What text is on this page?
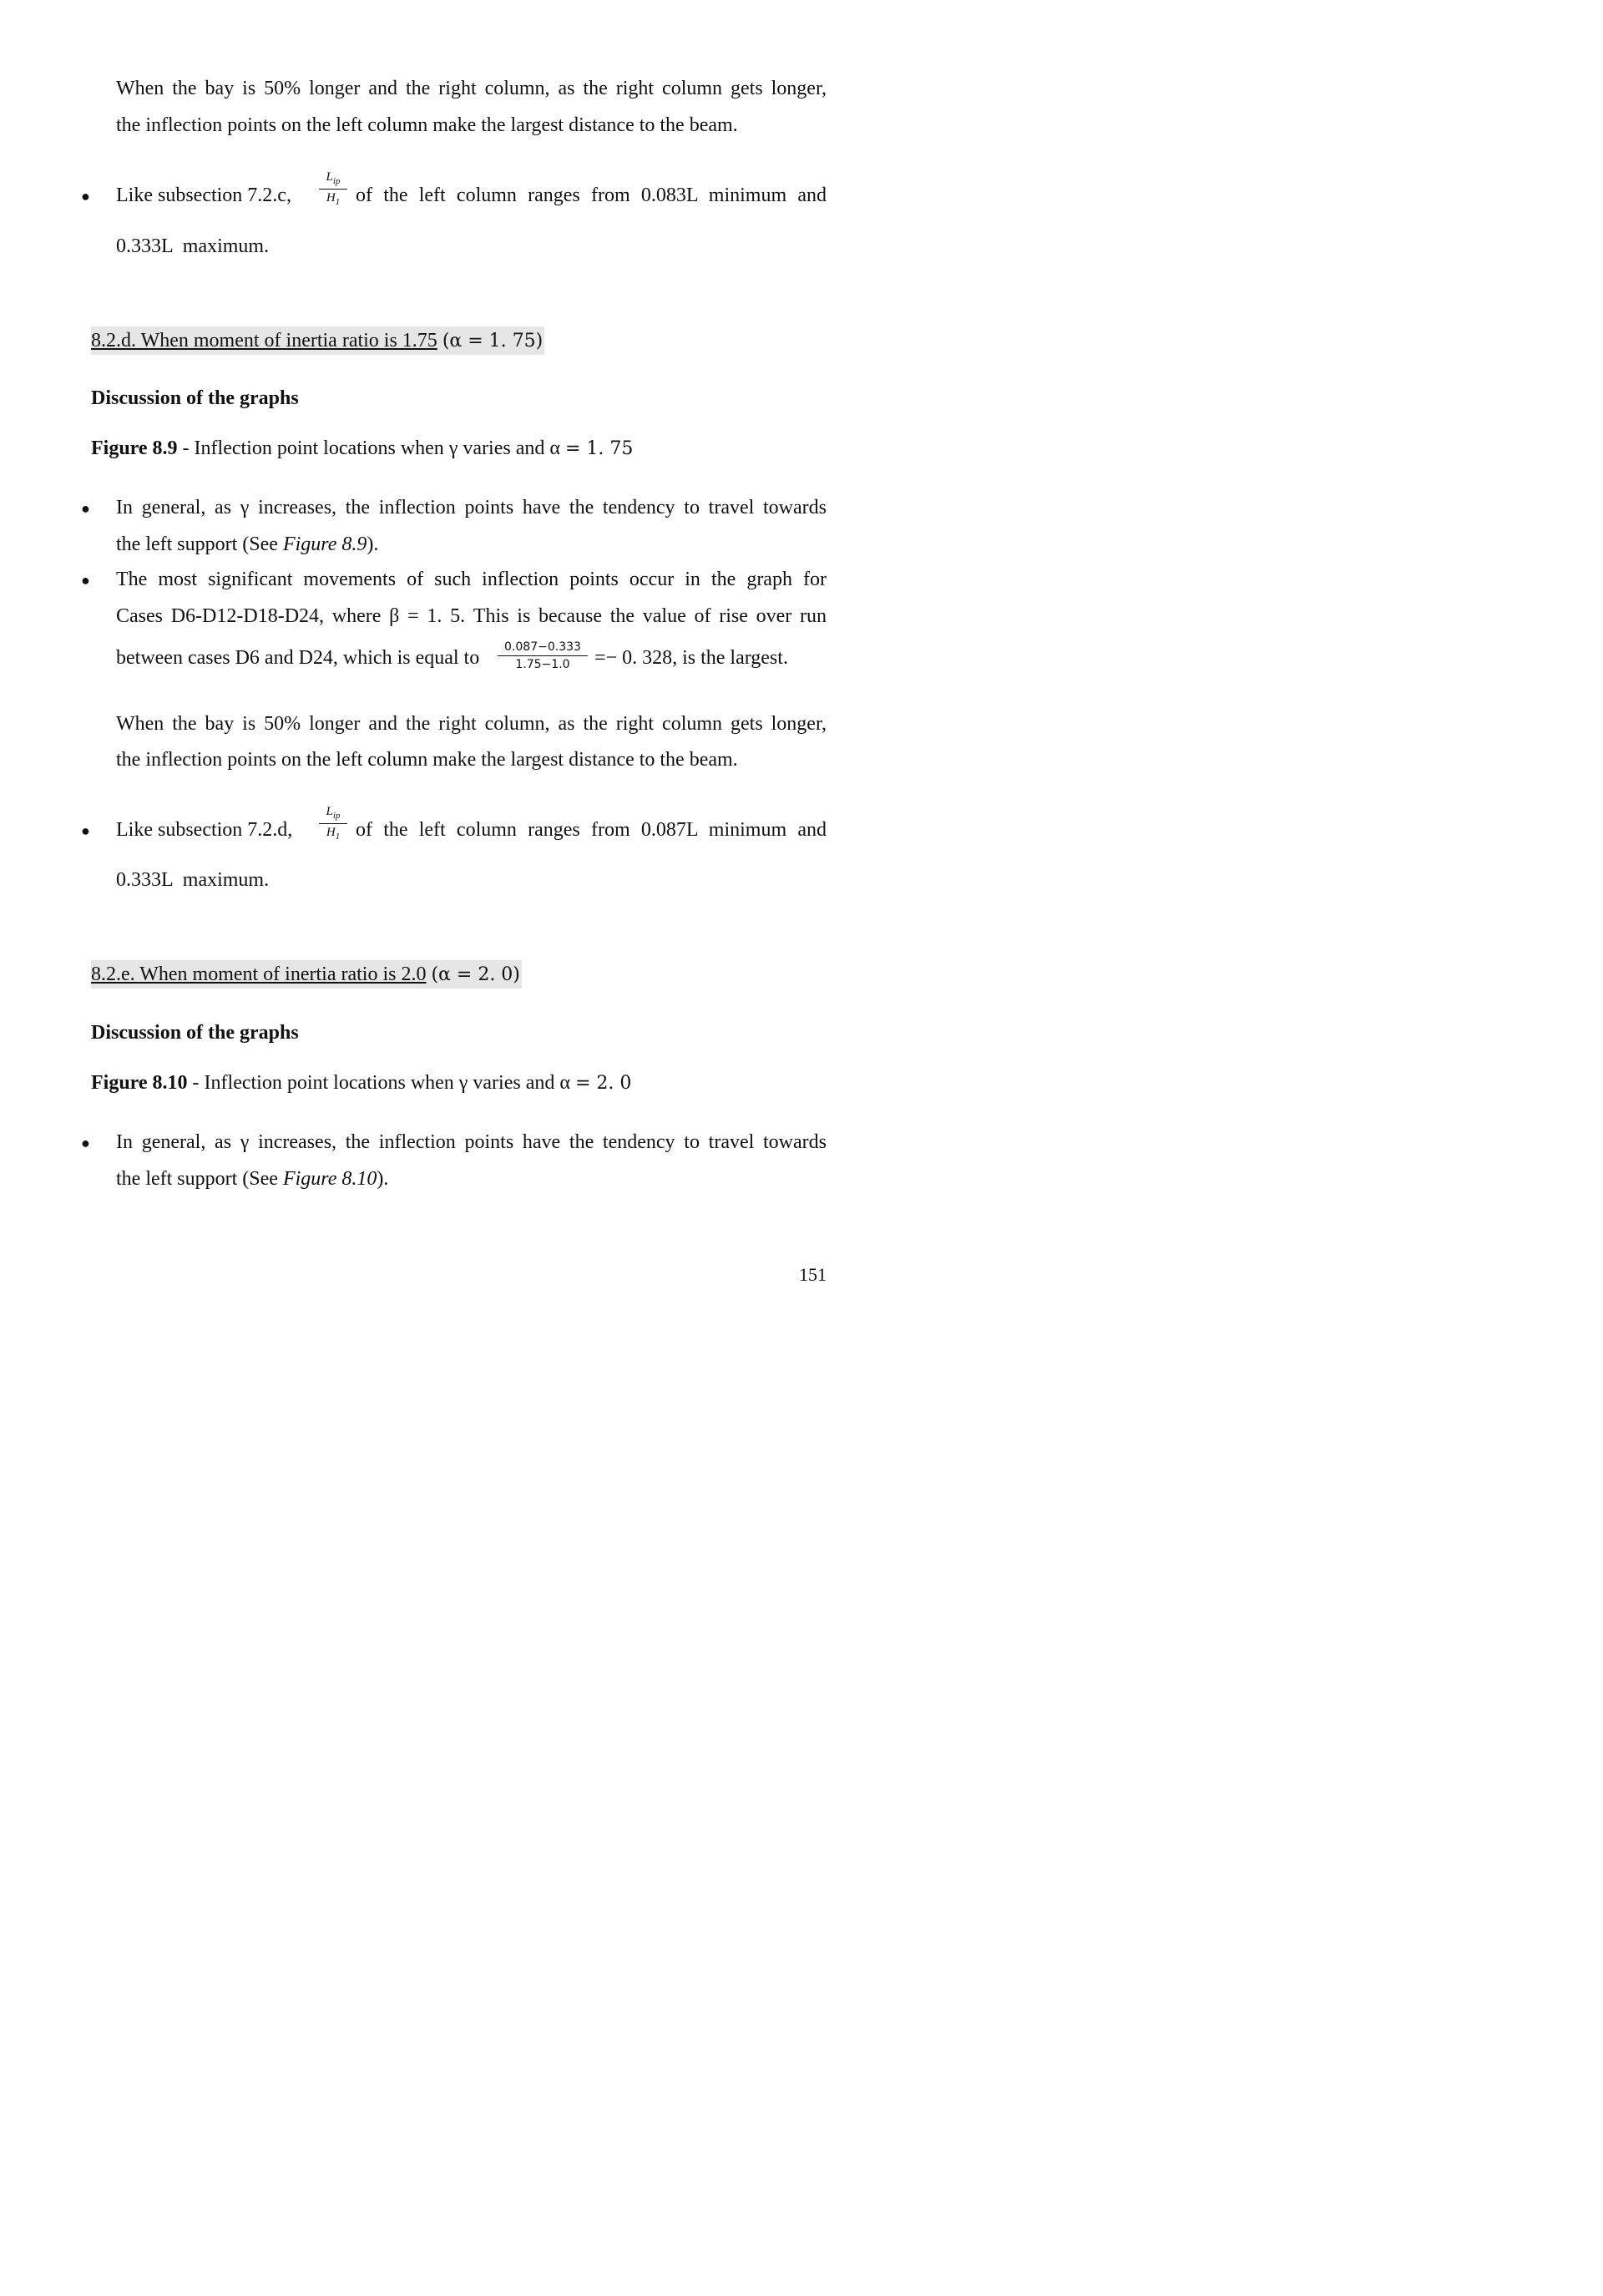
When the bay is 50% longer and the right column, as the right column gets longer,
the inflection points on the left column make the largest distance to the beam.
● Like subsection 7.2.c,
$L_{ip}$
$H_1$ of the left column ranges from 0.083L minimum and
0.333L  maximum.
8.2.d. When moment of inertia ratio is 1.75 (α = 1. 75)
Discussion of the graphs
Figure 8.9 - Inflection point locations when γ varies and α = 1. 75
● In general, as γ increases, the inflection points have the tendency to travel towards
the left support (See Figure 8.9).
● The most significant movements of such inflection points occur in the graph for
Cases D6-D12-D18-D24, where β = 1. 5. This is because the value of rise over run
between cases D6 and D24, which is equal to	0.087−0.333
1.75−1.0	=− 0. 328, is the largest.
When the bay is 50% longer and the right column, as the right column gets longer,
the inflection points on the left column make the largest distance to the beam.
● Like subsection 7.2.d,
$L_{ip}$
$H_1$ of the left column ranges from 0.087L minimum and
0.333L  maximum.
8.2.e. When moment of inertia ratio is 2.0 (α = 2. 0)
Discussion of the graphs
Figure 8.10 - Inflection point locations when γ varies and α = 2. 0
● In general, as γ increases, the inflection points have the tendency to travel towards
the left support (See Figure 8.10).
151
